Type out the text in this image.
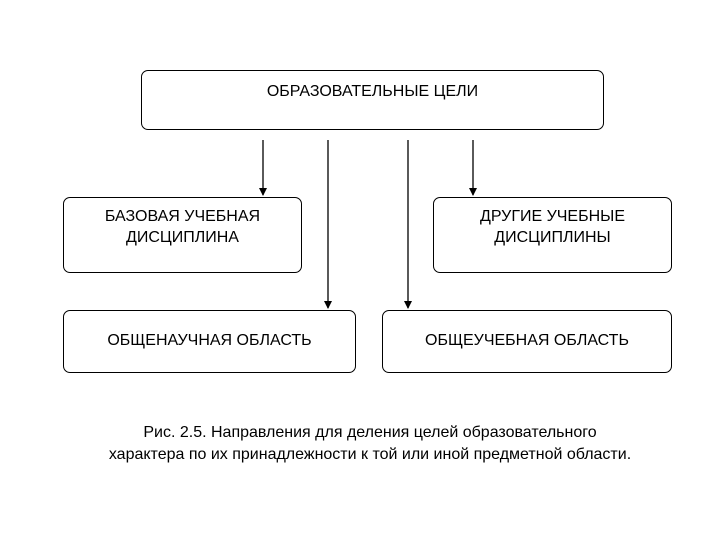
ОБРАЗОВАТЕЛЬНЫЕ ЦЕЛИ
БАЗОВАЯ УЧЕБНАЯ
ДИСЦИПЛИНА
ДРУГИЕ УЧЕБНЫЕ
ДИСЦИПЛИНЫ
ОБЩЕНАУЧНАЯ ОБЛАСТЬ	ОБЩЕУЧЕБНАЯ ОБЛАСТЬ
Рис. 2.5. Направления для деления целей образовательного
характера по их принадлежности к той или иной предметной области.
